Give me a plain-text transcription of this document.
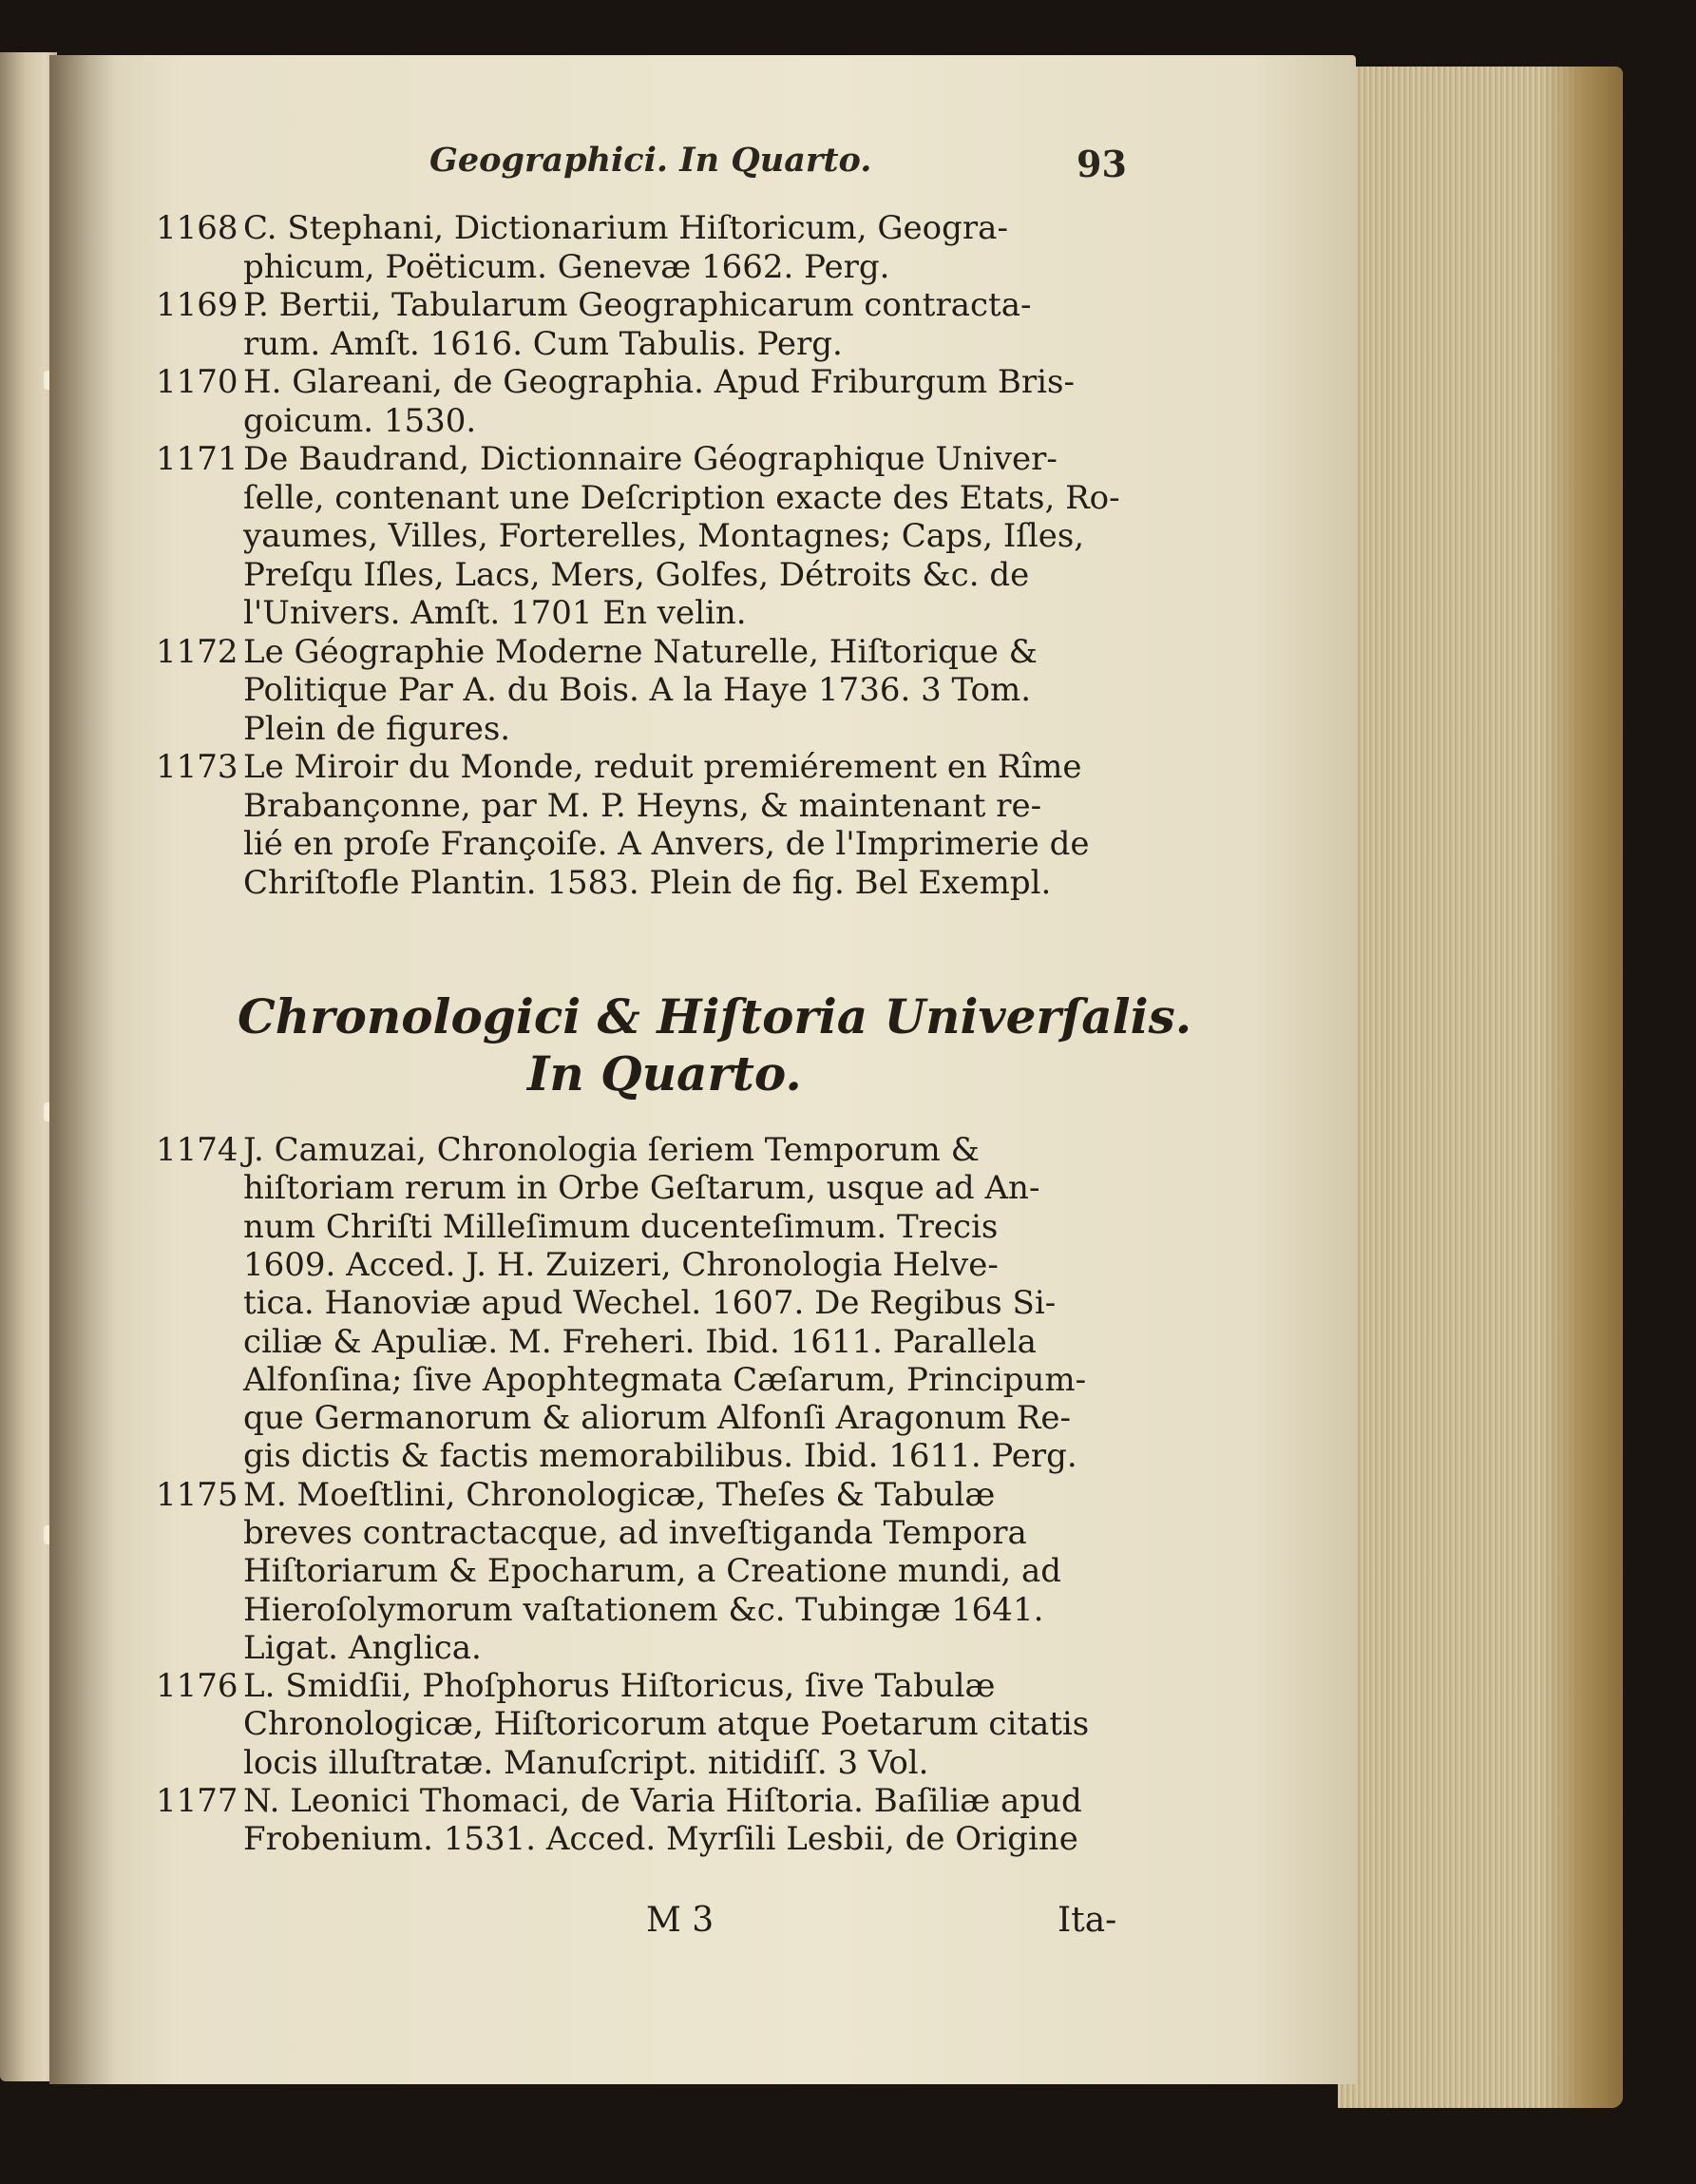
Geographici. In Quarto.	93
1168 C. Stephani, Dictionarium Hiſtoricum, Geogra-
phicum, Poëticum. Genevæ 1662. Perg.
1169 P. Bertii, Tabularum Geographicarum contracta-
rum. Amſt. 1616. Cum Tabulis. Perg.
1170 H. Glareani, de Geographia. Apud Friburgum Bris-
goicum. 1530.
1171 De Baudrand, Dictionnaire Géographique Univer-
ſelle, contenant une Deſcription exacte des Etats, Ro-
yaumes, Villes, Forterelles, Montagnes; Caps, Iſles,
Preſqu Iſles, Lacs, Mers, Golfes, Détroits &c. de
l'Univers. Amſt. 1701 En velin.
1172 Le Géographie Moderne Naturelle, Hiſtorique &
Politique Par A. du Bois. A la Haye 1736. 3 Tom.
Plein de figures.
1173 Le Miroir du Monde, reduit premiérement en Rîme
Brabançonne, par M. P. Heyns, & maintenant re-
lié en proſe Françoiſe. A Anvers, de l'Imprimerie de
Chriſtofle Plantin. 1583. Plein de fig. Bel Exempl.
Chronologici & Hiſtoria Univerſalis.
In Quarto.
1174 J. Camuzai, Chronologia ſeriem Temporum &
hiſtoriam rerum in Orbe Geſtarum, usque ad An-
num Chriſti Milleſimum ducenteſimum. Trecis
1609. Acced. J. H. Zuizeri, Chronologia Helve-
tica. Hanoviæ apud Wechel. 1607. De Regibus Si-
ciliæ & Apuliæ. M. Freheri. Ibid. 1611. Parallela
Alfonſina; ſive Apophtegmata Cæſarum, Principum-
que Germanorum & aliorum Alfonſi Aragonum Re-
gis dictis & factis memorabilibus. Ibid. 1611. Perg.
1175 M. Moeſtlini, Chronologicæ, Theſes & Tabulæ
breves contractacque, ad inveſtiganda Tempora
Hiſtoriarum & Epocharum, a Creatione mundi, ad
Hieroſolymorum vaſtationem &c. Tubingæ 1641.
Ligat. Anglica.
1176 L. Smidſii, Phoſphorus Hiſtoricus, ſive Tabulæ
Chronologicæ, Hiſtoricorum atque Poetarum citatis
locis illuſtratæ. Manuſcript. nitidiſſ. 3 Vol.
1177 N. Leonici Thomaci, de Varia Hiſtoria. Baſiliæ apud
Frobenium. 1531. Acced. Myrſili Lesbii, de Origine
M 3	Ita-
